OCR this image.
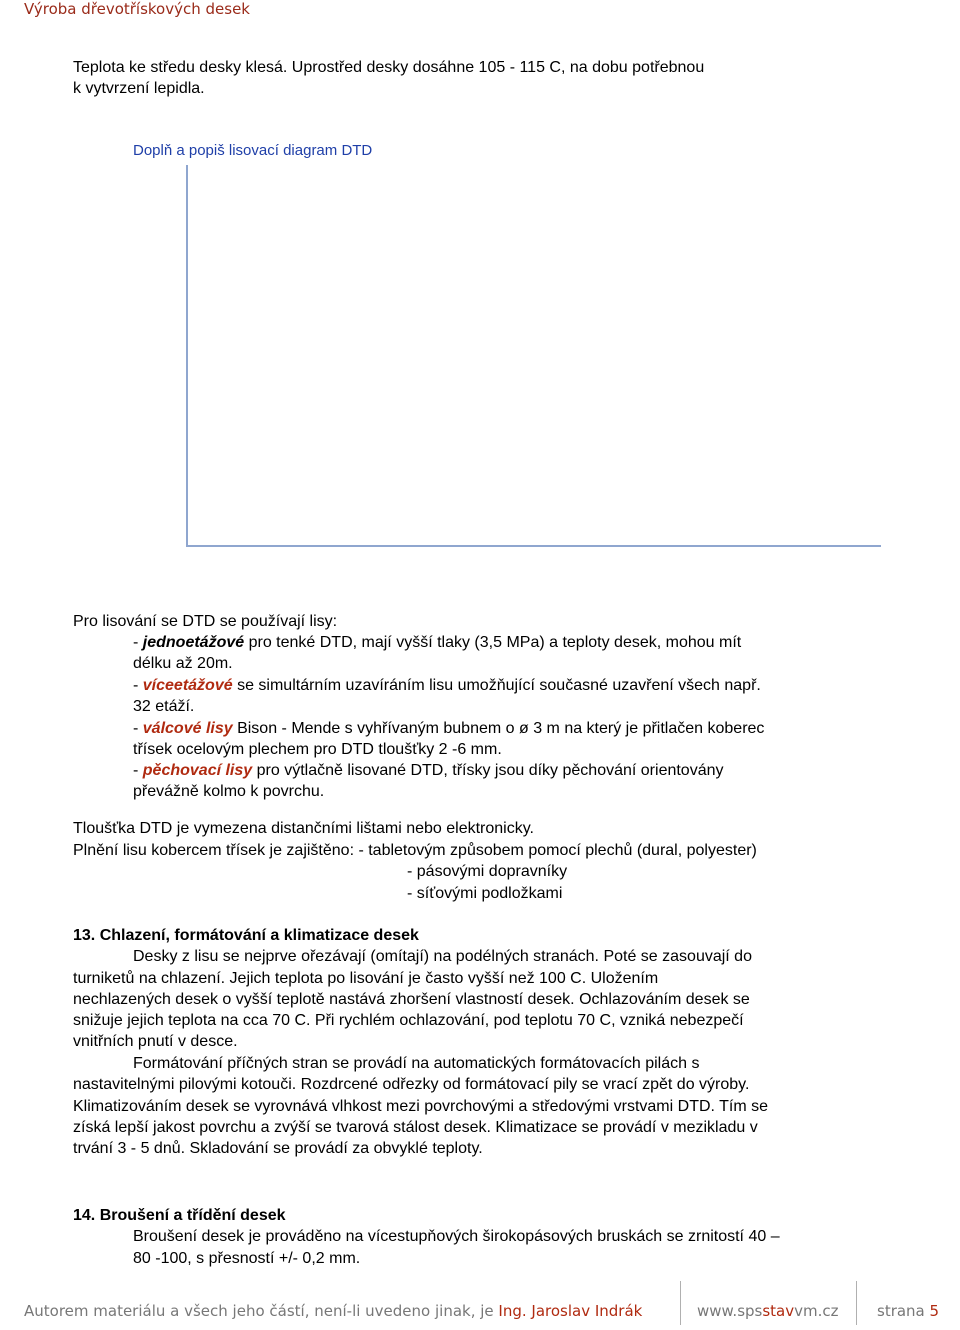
Výroba dřevotřískových desek

Teplota ke středu desky klesá. Uprostřed desky dosáhne 105 - 115 C, na dobu potřebnou

k vytvrzení lepidla.

Doplň a popiš lisovací diagram DTD

Pro lisování se DTD se používají lisy:

- jednoetážové pro tenké DTD, mají vyšší tlaky (3,5 MPa) a teploty desek, mohou mít

délku až 20m.

- víceetážové se simultárním uzavíráním lisu umožňující současné uzavření všech např.

32 etáží.

- válcové lisy Bison - Mende s vyhřívaným bubnem o ø 3 m na který je přitlačen koberec

třísek ocelovým plechem pro DTD tloušťky 2 -6 mm.

- pěchovací lisy pro výtlačně lisované DTD, třísky jsou díky pěchování orientovány

převážně kolmo k povrchu.

Tloušťka DTD je vymezena distančními lištami nebo elektronicky.

Plnění lisu kobercem třísek je zajištěno: - tabletovým způsobem pomocí plechů (dural, polyester)

- pásovými dopravníky

- síťovými podložkami

13. Chlazení, formátování a klimatizace desek

Desky z lisu se nejprve ořezávají (omítají) na podélných stranách. Poté se zasouvají do

turniketů na chlazení. Jejich teplota po lisování je často vyšší než 100 C. Uložením

nechlazených desek o vyšší teplotě nastává zhoršení vlastností desek. Ochlazováním desek se

snižuje jejich teplota na cca 70 C. Při rychlém ochlazování, pod teplotu 70 C, vzniká nebezpečí

vnitřních pnutí v desce.

Formátování příčných stran se provádí na automatických formátovacích pilách s

nastavitelnými pilovými kotouči. Rozdrcené odřezky od formátovací pily se vrací zpět do výroby.

Klimatizováním desek se vyrovnává vlhkost mezi povrchovými a středovými vrstvami DTD. Tím se

získá lepší jakost povrchu a zvýší se tvarová stálost desek. Klimatizace se provádí v mezikladu v

trvání 3 - 5 dnů. Skladování se provádí za obvyklé teploty.

14. Broušení a třídění desek

Broušení desek je prováděno na vícestupňových širokopásových bruskách se zrnitostí 40 –

80 -100, s přesností +/- 0,2 mm.

Autorem materiálu a všech jeho částí, není-li uvedeno jinak, je Ing. Jaroslav Indrák	www.spsstavvm.cz	strana 5
